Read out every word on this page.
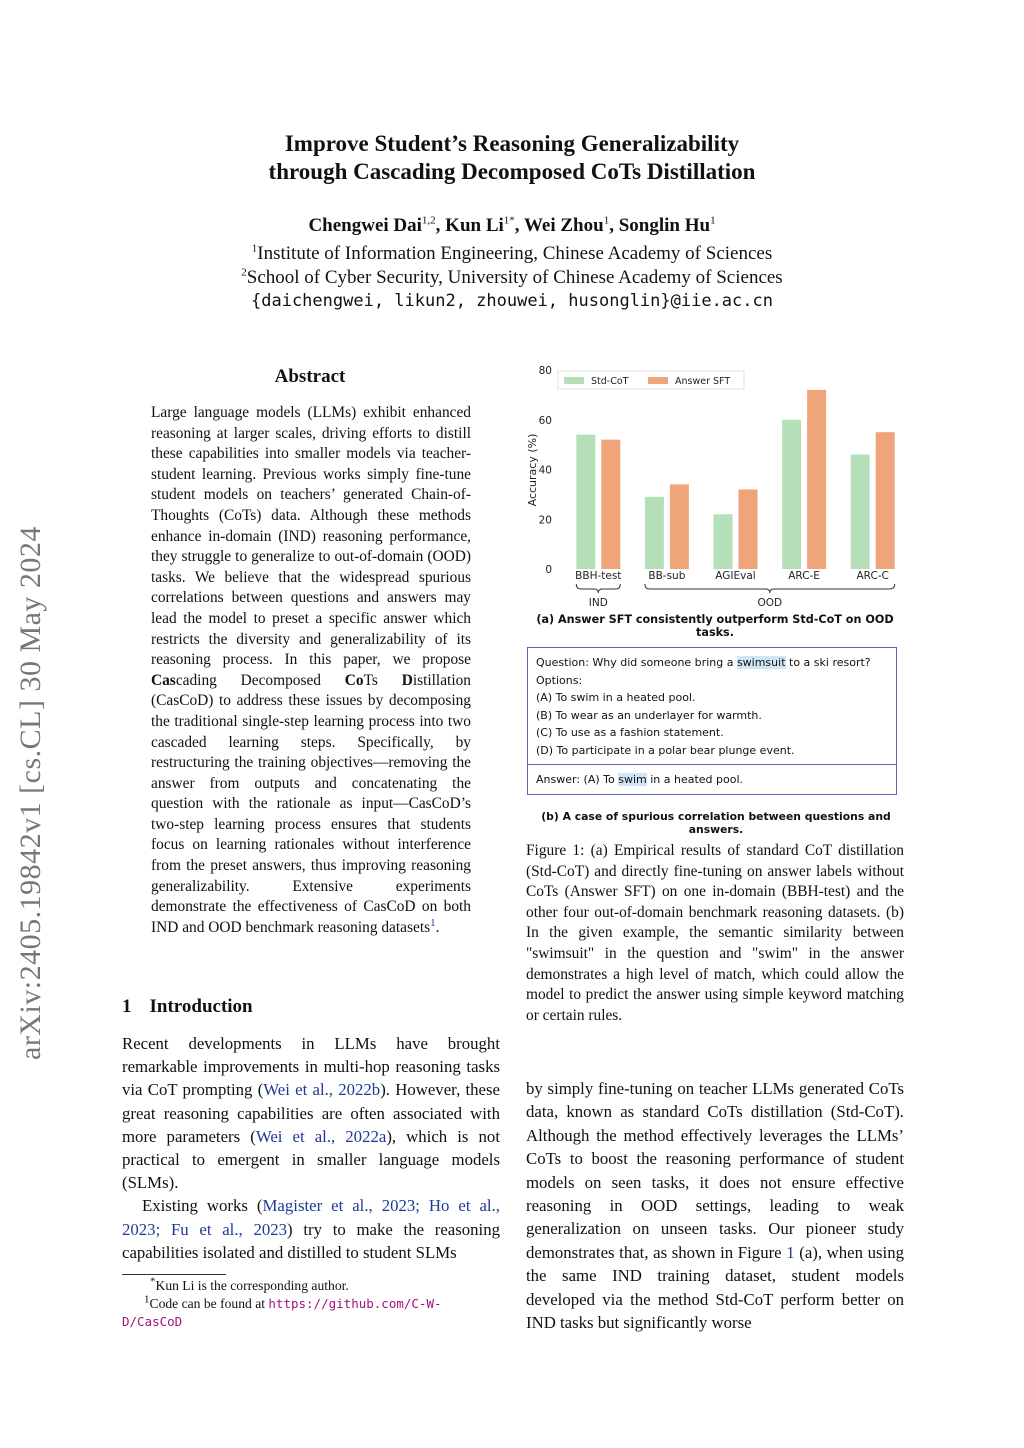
Improve Student’s Reasoning Generalizability
through Cascading Decomposed CoTs Distillation
Chengwei Dai$^{1,2}$, Kun $Li^{1*}$, Wei Zhou$^1$, Songlin Hu$^1$
$^1$Institute of Information Engineering, Chinese Academy of Sciences
$^2$School of Cyber Security, University of Chinese Academy of Sciences
{daichengwei, likun2, zhouwei, husonglin}@iie.ac.cn
arXiv:2405.19842v1 [cs.CL] 30 May 2024
Abstract
Large language models (LLMs) exhibit enhanced reasoning at larger scales, driving efforts to distill these capabilities into smaller models via teacher-student learning. Previous works simply fine-tune student models on teachers’ generated Chain-of-Thoughts (CoTs) data. Although these methods enhance in-domain (IND) reasoning performance, they struggle to generalize to out-of-domain (OOD) tasks. We believe that the widespread spurious correlations between questions and answers may lead the model to preset a specific answer which restricts the diversity and generalizability of its reasoning process. In this paper, we propose Cascading Decomposed CoTs Distillation (CasCoD) to address these issues by decomposing the traditional single-step learning process into two cascaded learning steps. Specifically, by restructuring the training objectives—removing the answer from outputs and concatenating the question with the rationale as input—CasCoD’s two-step learning process ensures that students focus on learning rationales without interference from the preset answers, thus improving reasoning generalizability. Extensive experiments demonstrate the effectiveness of CasCoD on both IND and OOD benchmark reasoning datasets$^1$.
1 Introduction

Recent developments in LLMs have brought remarkable improvements in multi-hop reasoning tasks via CoT prompting (Wei et al., 2022b). However, these great reasoning capabilities are often associated with more parameters (Wei et al., 2022a), which is not practical to emergent in smaller language models (SLMs).

Existing works (Magister et al., 2023; Ho et al., 2023; Fu et al., 2023) try to make the reasoning capabilities isolated and distilled to student SLMs

*Kun Li is the corresponding author.
$^1$Code can be found at https://github.com/C-W-D/CasCoD
Std-CoT	Answer SFT
0
20
40
60
80
BBH-test	BB-sub	AGIEval	ARC-E	ARC-C
IND	OOD
Accuracy (%)
(a) Answer SFT consistently outperform Std-CoT on OOD tasks.
Question: Why did someone bring a swimsuit to a ski resort?
Options:
(A) To swim in a heated pool.
(B) To wear as an underlayer for warmth.
(C) To use as a fashion statement.
(D) To participate in a polar bear plunge event.
Answer: (A) To swim in a heated pool.
(b) A case of spurious correlation between questions and answers.
Figure 1: (a) Empirical results of standard CoT distillation (Std-CoT) and directly fine-tuning on answer labels without CoTs (Answer SFT) on one in-domain (BBH-test) and the other four out-of-domain benchmark reasoning datasets. (b) In the given example, the semantic similarity between "swimsuit" in the question and "swim" in the answer demonstrates a high level of match, which could allow the model to predict the answer using simple keyword matching or certain rules.
by simply fine-tuning on teacher LLMs generated CoTs data, known as standard CoTs distillation (Std-CoT). Although the method effectively leverages the LLMs’ CoTs to boost the reasoning performance of student models on seen tasks, it does not ensure effective reasoning in OOD settings, leading to weak generalization on unseen tasks. Our pioneer study demonstrates that, as shown in Figure 1 (a), when using the same IND training dataset, student models developed via the method Std-CoT perform better on IND tasks but significantly worse
